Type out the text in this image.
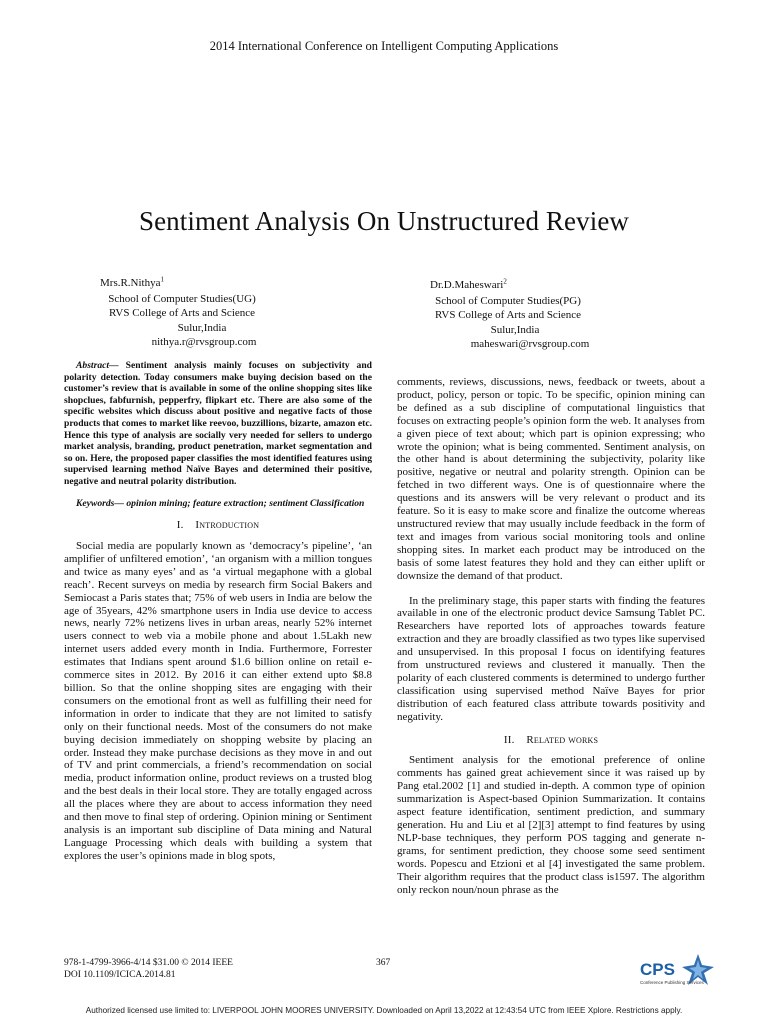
2014 International Conference on Intelligent Computing Applications
Sentiment Analysis On Unstructured Review
Mrs.R.Nithya$^1$
School of Computer Studies(UG)
RVS College of Arts and Science
Sulur,India
nithya.r@rvsgroup.com
Dr.D.Maheswari$^2$
School of Computer Studies(PG)
RVS College of Arts and Science
Sulur,India
maheswari@rvsgroup.com
Abstract— Sentiment analysis mainly focuses on subjectivity and polarity detection. Today consumers make buying decision based on the customer’s review that is available in some of the online shopping sites like shopclues, fabfurnish, pepperfry, flipkart etc. There are also some of the specific websites which discuss about positive and negative facts of those products that comes to market like reevoo, buzzillions, bizarte, amazon etc. Hence this type of analysis are socially very needed for sellers to undergo market analysis, branding, product penetration, market segmentation and so on. Here, the proposed paper classifies the most identified features using supervised learning method Naïve Bayes and determined their positive, negative and neutral polarity distribution.
Keywords— opinion mining; feature extraction; sentiment Classification
I. Introduction

Social media are popularly known as ‘democracy’s pipeline’, ‘an amplifier of unfiltered emotion’, ‘an organism with a million tongues and twice as many eyes’ and as ‘a virtual megaphone with a global reach’. Recent surveys on media by research firm Social Bakers and Semiocast a Paris states that; 75% of web users in India are below the age of 35years, 42% smartphone users in India use device to access news, nearly 72% netizens lives in urban areas, nearly 52% internet users connect to web via a mobile phone and about 1.5Lakh new internet users added every month in India. Furthermore, Forrester estimates that Indians spent around $1.6 billion online on retail e-commerce sites in 2012. By 2016 it can either extend upto $8.8 billion. So that the online shopping sites are engaging with their consumers on the emotional front as well as fulfilling their need for information in order to indicate that they are not limited to satisfy only on their functional needs. Most of the consumers do not make buying decision immediately on shopping website by placing an order. Instead they make purchase decisions as they move in and out of TV and print commercials, a friend’s recommendation on social media, product information online, product reviews on a trusted blog and the best deals in their local store. They are totally engaged across all the places where they are about to access information they need and then move to final step of ordering. Opinion mining or Sentiment analysis is an important sub discipline of Data mining and Natural Language Processing which deals with building a system that explores the user’s opinions made in blog spots,

comments, reviews, discussions, news, feedback or tweets, about a product, policy, person or topic. To be specific, opinion mining can be defined as a sub discipline of computational linguistics that focuses on extracting people’s opinion form the web. It analyses from a given piece of text about; which part is opinion expressing; who wrote the opinion; what is being commented. Sentiment analysis, on the other hand is about determining the subjectivity, polarity like positive, negative or neutral and polarity strength. Opinion can be fetched in two different ways. One is of questionnaire where the questions and its answers will be very relevant o product and its feature. So it is easy to make score and finalize the outcome whereas unstructured review that may usually include feedback in the form of text and images from various social monitoring tools and online shopping sites. In market each product may be introduced on the basis of some latest features they hold and they can either uplift or downsize the demand of that product.

In the preliminary stage, this paper starts with finding the features available in one of the electronic product device Samsung Tablet PC. Researchers have reported lots of approaches towards feature extraction and they are broadly classified as two types like supervised and unsupervised. In this proposal I focus on identifying features from unstructured reviews and clustered it manually. Then the polarity of each clustered comments is determined to undergo further classification using supervised method Naïve Bayes for prior distribution of each featured class attribute towards positivity and negativity.

II. Related works

Sentiment analysis for the emotional preference of online comments has gained great achievement since it was raised up by Pang etal.2002 [1] and studied in-depth. A common type of opinion summarization is Aspect-based Opinion Summarization. It contains aspect feature identification, sentiment prediction, and summary generation. Hu and Liu et al [2][3] attempt to find features by using NLP-base techniques, they perform POS tagging and generate n-grams, for sentiment prediction, they choose some seed sentiment words. Popescu and Etzioni et al [4] investigated the same problem. Their algorithm requires that the product class is1597. The algorithm only reckon noun/noun phrase as the

978-1-4799-3966-4/14 $31.00 © 2014 IEEE
DOI 10.1109/ICICA.2014.81
367	CPS
Conference Publishing Services
Authorized licensed use limited to: LIVERPOOL JOHN MOORES UNIVERSITY. Downloaded on April 13,2022 at 12:43:54 UTC from IEEE Xplore. Restrictions apply.
